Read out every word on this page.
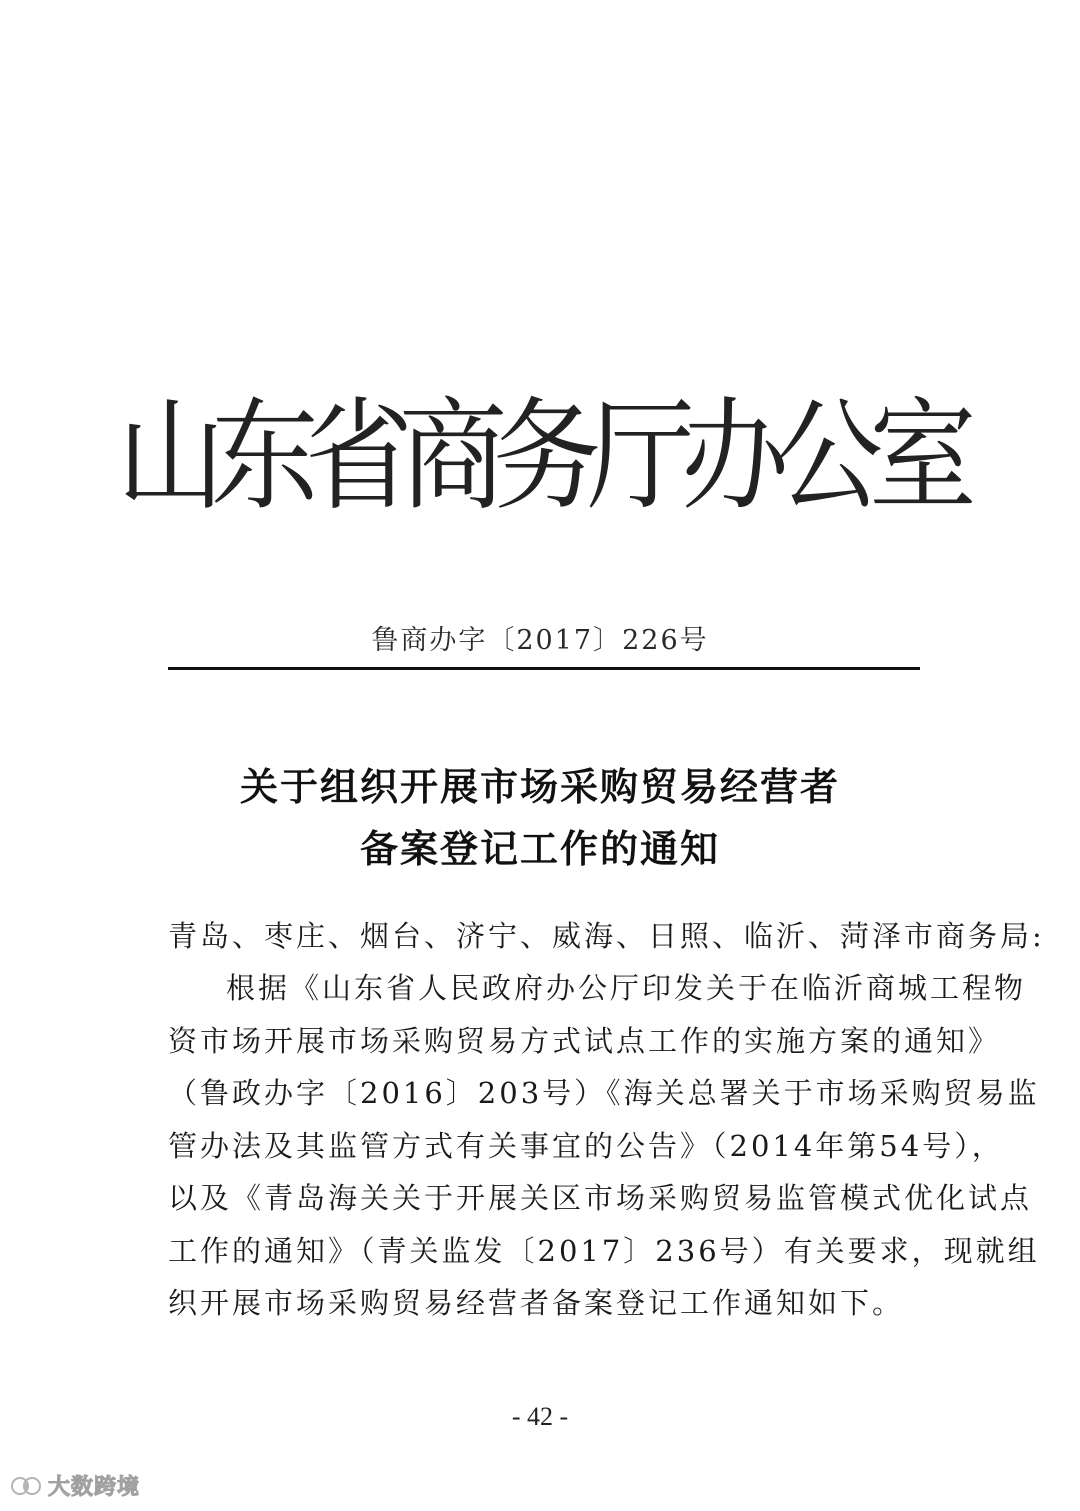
山东省商务厅办公室
鲁商办字〔2017〕226号
关于组织开展市场采购贸易经营者
备案登记工作的通知
青岛、枣庄、烟台、济宁、威海、日照、临沂、菏泽市商务局:
根据《山东省人民政府办公厅印发关于在临沂商城工程物
资市场开展市场采购贸易方式试点工作的实施方案的通知》
（鲁政办字〔2016〕203号）《海关总署关于市场采购贸易监
管办法及其监管方式有关事宜的公告》（2014年第54号），
以及《青岛海关关于开展关区市场采购贸易监管模式优化试点
工作的通知》（青关监发〔2017〕236号）有关要求，现就组
织开展市场采购贸易经营者备案登记工作通知如下。
- 42 -
大数跨境
